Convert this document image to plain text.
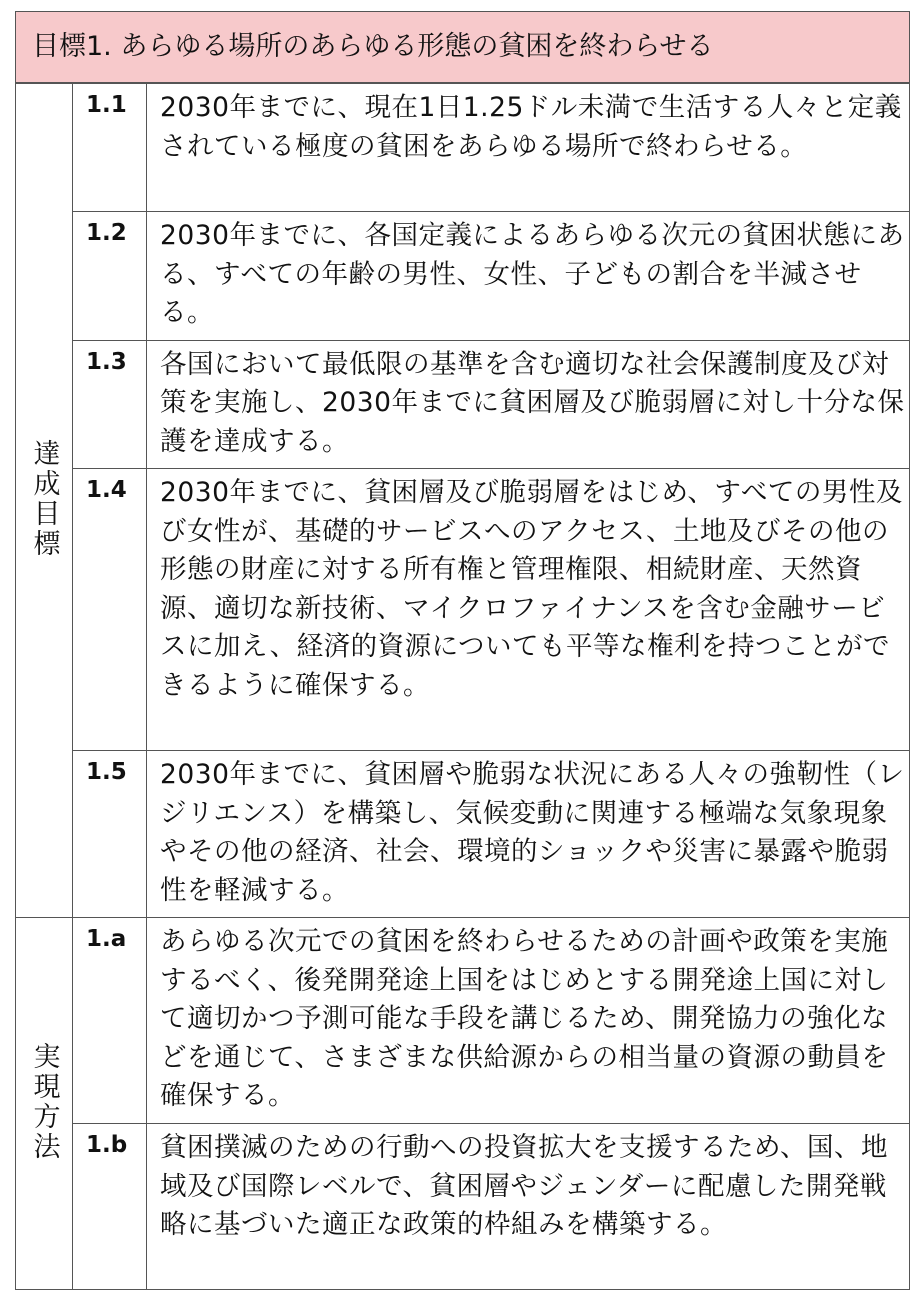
目標1. あらゆる場所のあらゆる形態の貧困を終わらせる
達成目標	1.1	2030年までに、現在1日1.25ドル未満で生活する人々と定義されている極度の貧困をあらゆる場所で終わらせる。
	1.2	2030年までに、各国定義によるあらゆる次元の貧困状態にある、すべての年齢の男性、女性、子どもの割合を半減させる。
	1.3	各国において最低限の基準を含む適切な社会保護制度及び対策を実施し、2030年までに貧困層及び脆弱層に対し十分な保護を達成する。
	1.4	2030年までに、貧困層及び脆弱層をはじめ、すべての男性及び女性が、基礎的サービスへのアクセス、土地及びその他の形態の財産に対する所有権と管理権限、相続財産、天然資源、適切な新技術、マイクロファイナンスを含む金融サービスに加え、経済的資源についても平等な権利を持つことができるように確保する。
	1.5	2030年までに、貧困層や脆弱な状況にある人々の強靭性（レジリエンス）を構築し、気候変動に関連する極端な気象現象やその他の経済、社会、環境的ショックや災害に暴露や脆弱性を軽減する。
実現方法	1.a	あらゆる次元での貧困を終わらせるための計画や政策を実施するべく、後発開発途上国をはじめとする開発途上国に対して適切かつ予測可能な手段を講じるため、開発協力の強化などを通じて、さまざまな供給源からの相当量の資源の動員を確保する。
	1.b	貧困撲滅のための行動への投資拡大を支援するため、国、地域及び国際レベルで、貧困層やジェンダーに配慮した開発戦略に基づいた適正な政策的枠組みを構築する。
